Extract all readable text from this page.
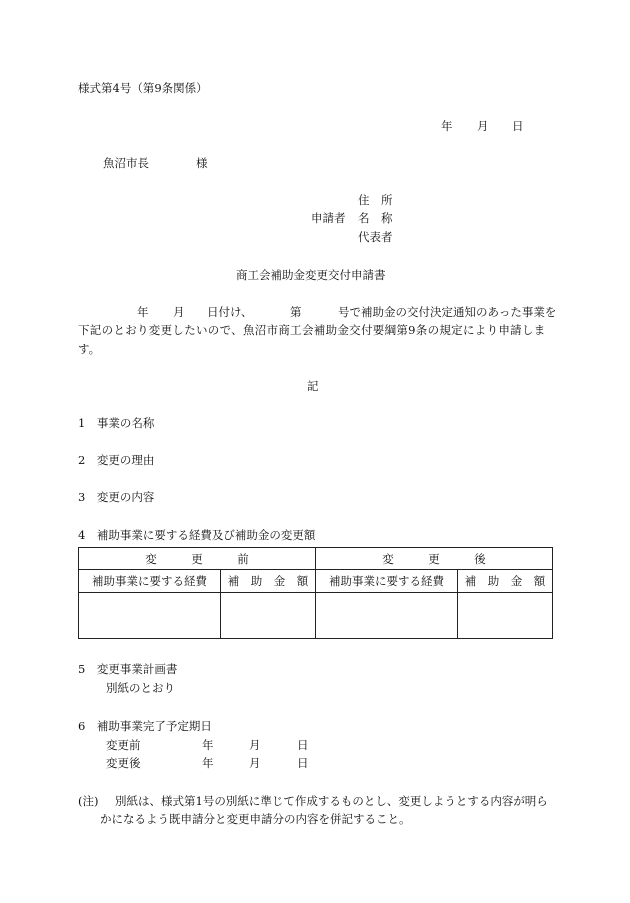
様式第4号（第9条関係）
年 月 日
魚沼市長	様
住　所
申請者 名　称
代表者
商工会補助金変更交付申請書
年 月 日付け、	第	号で補助金の交付決定通知のあった事業を
下記のとおり変更したいので、魚沼市商工会補助金交付要綱第9条の規定により申請しま
す。
記
1　事業の名称
2　変更の理由
3　変更の内容
4　補助事業に要する経費及び補助金の変更額
変　　　更　　　前		変　　　更　　　後	
補助事業に要する経費	補　助　金　額	補助事業に要する経費	補　助　金　額

5　変更事業計画書
別紙のとおり
6　補助事業完了予定期日
変更前	年	月	日
変更後	年	月	日
(注) 別紙は、様式第1号の別紙に準じて作成するものとし、変更しようとする内容が明ら
かになるよう既申請分と変更申請分の内容を併記すること。
